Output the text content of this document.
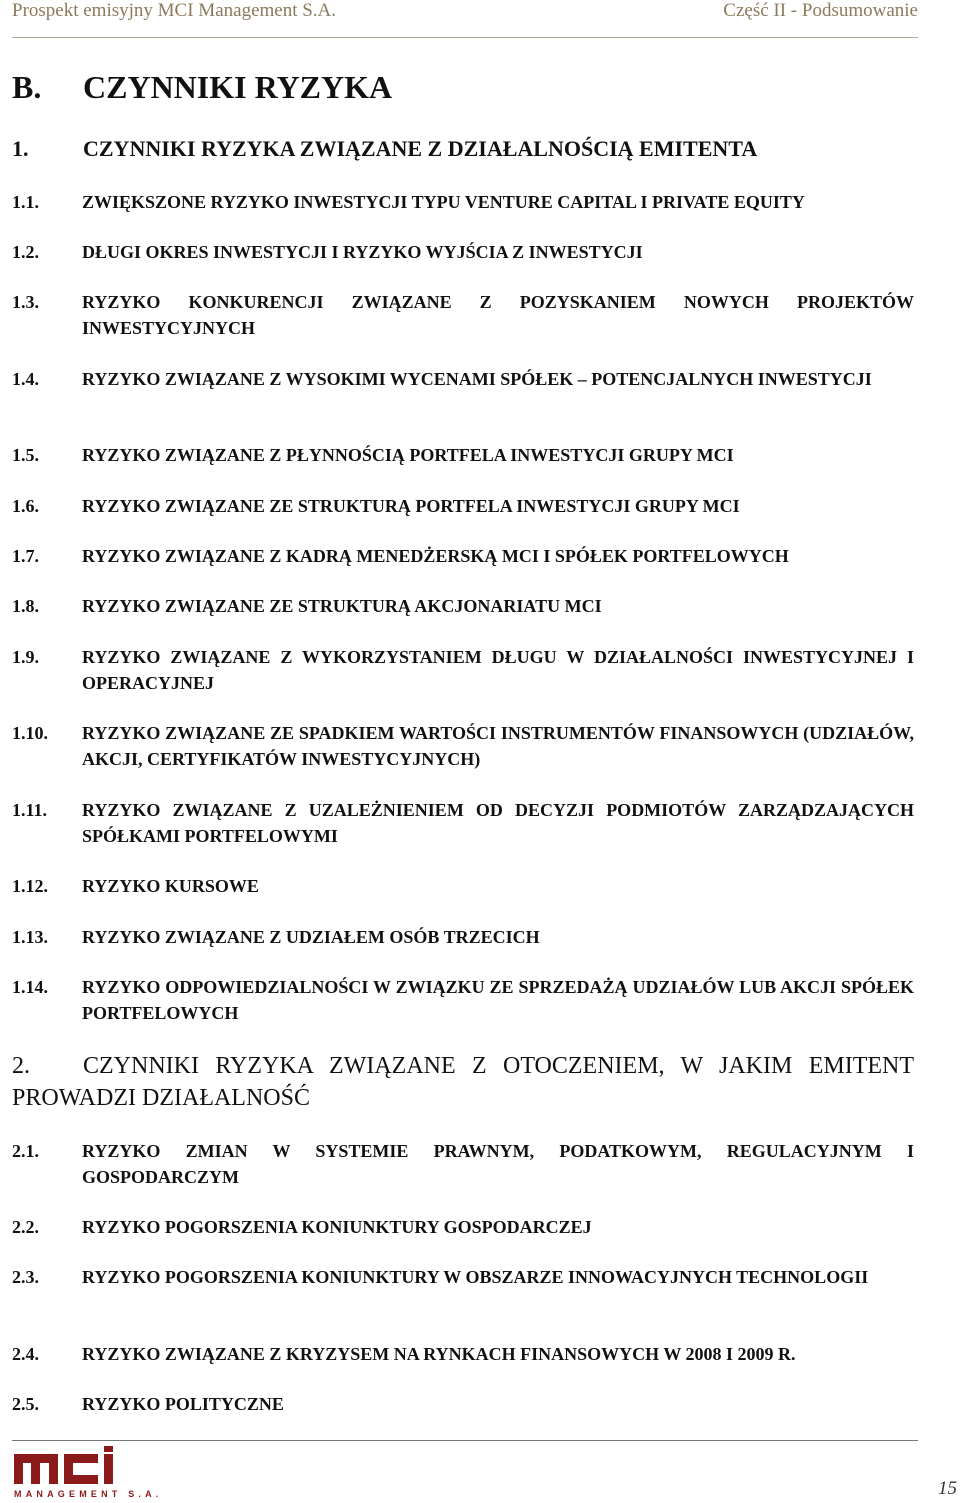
Prospekt emisyjny MCI Management S.A.	Część II - Podsumowanie
B. CZYNNIKI RYZYKA
1. CZYNNIKI RYZYKA ZWIĄZANE Z DZIAŁALNOŚCIĄ EMITENTA
1.1.	ZWIĘKSZONE RYZYKO INWESTYCJI TYPU VENTURE CAPITAL I PRIVATE EQUITY
1.2.	DŁUGI OKRES INWESTYCJI I RYZYKO WYJŚCIA Z INWESTYCJI
1.3.	RYZYKO KONKURENCJI ZWIĄZANE Z POZYSKANIEM NOWYCH PROJEKTÓW INWESTYCYJNYCH
1.4.	RYZYKO ZWIĄZANE Z WYSOKIMI WYCENAMI SPÓŁEK – POTENCJALNYCH INWESTYCJI
1.5.	RYZYKO ZWIĄZANE Z PŁYNNOŚCIĄ PORTFELA INWESTYCJI GRUPY MCI
1.6.	RYZYKO ZWIĄZANE ZE STRUKTURĄ PORTFELA INWESTYCJI GRUPY MCI
1.7.	RYZYKO ZWIĄZANE Z KADRĄ MENEDŻERSKĄ MCI I SPÓŁEK PORTFELOWYCH
1.8.	RYZYKO ZWIĄZANE ZE STRUKTURĄ AKCJONARIATU MCI
1.9.	RYZYKO ZWIĄZANE Z WYKORZYSTANIEM DŁUGU W DZIAŁALNOŚCI INWESTYCYJNEJ I OPERACYJNEJ
1.10.	RYZYKO ZWIĄZANE ZE SPADKIEM WARTOŚCI INSTRUMENTÓW FINANSOWYCH (UDZIAŁÓW, AKCJI, CERTYFIKATÓW INWESTYCYJNYCH)
1.11.	RYZYKO ZWIĄZANE Z UZALEŻNIENIEM OD DECYZJI PODMIOTÓW ZARZĄDZAJĄCYCH SPÓŁKAMI PORTFELOWYMI
1.12.	RYZYKO KURSOWE
1.13.	RYZYKO ZWIĄZANE Z UDZIAŁEM OSÓB TRZECICH
1.14.	RYZYKO ODPOWIEDZIALNOŚCI W ZWIĄZKU ZE SPRZEDAŻĄ UDZIAŁÓW LUB AKCJI SPÓŁEK PORTFELOWYCH
2. CZYNNIKI RYZYKA ZWIĄZANE Z OTOCZENIEM, W JAKIM EMITENT PROWADZI DZIAŁALNOŚĆ
2.1.	RYZYKO ZMIAN W SYSTEMIE PRAWNYM, PODATKOWYM, REGULACYJNYM I GOSPODARCZYM
2.2.	RYZYKO POGORSZENIA KONIUNKTURY GOSPODARCZEJ
2.3.	RYZYKO POGORSZENIA KONIUNKTURY W OBSZARZE INNOWACYJNYCH TECHNOLOGII
2.4.	RYZYKO ZWIĄZANE Z KRYZYSEM NA RYNKACH FINANSOWYCH W 2008 I 2009 R.
2.5.	RYZYKO POLITYCZNE
MANAGEMENT S.A.	15
